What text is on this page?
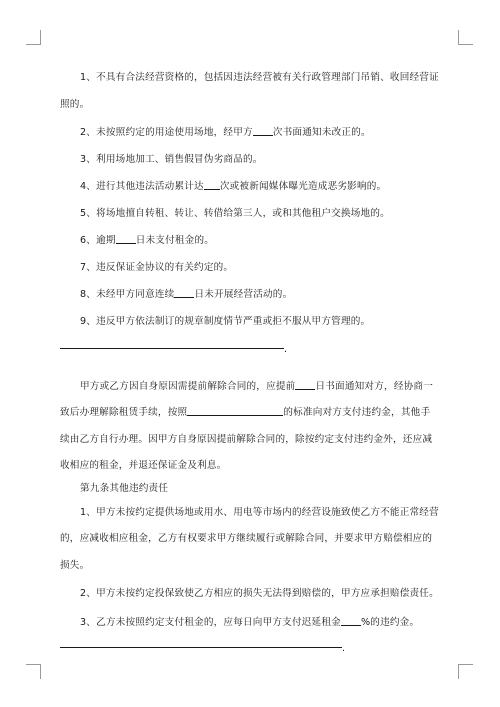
1、不具有合法经营资格的，包括因违法经营被有关行政管理部门吊销、收回经营证照的。

2、未按照约定的用途使用场地，经甲方 次书面通知未改正的。

3、利用场地加工、销售假冒伪劣商品的。

4、进行其他违法活动累计达 次或被新闻媒体曝光造成恶劣影响的。

5、将场地擅自转租、转让、转借给第三人，或和其他租户交换场地的。

6、逾期 日未支付租金的。

7、违反保证金协议的有关约定的。

8、未经甲方同意连续 日未开展经营活动的。

9、违反甲方依法制订的规章制度情节严重或拒不服从甲方管理的。

.

甲方或乙方因自身原因需提前解除合同的，应提前 日书面通知对方，经协商一致后办理解除租赁手续，按照	的标准向对方支付违约金，其他手续由乙方自行办理。因甲方自身原因提前解除合同的，除按约定支付违约金外，还应减收相应的租金，并退还保证金及利息。

第九条其他违约责任

1、甲方未按约定提供场地或用水、用电等市场内的经营设施致使乙方不能正常经营的，应减收相应租金，乙方有权要求甲方继续履行或解除合同，并要求甲方赔偿相应的损失。

2、甲方未按约定投保致使乙方相应的损失无法得到赔偿的，甲方应承担赔偿责任。

3、乙方未按照约定支付租金的，应每日向甲方支付迟延租金 %的违约金。

.
